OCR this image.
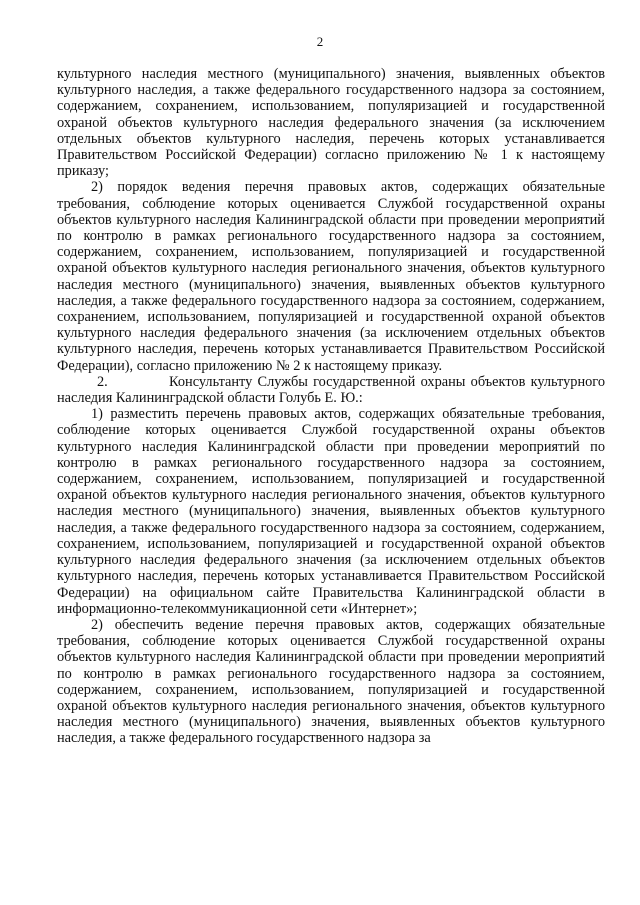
2

культурного наследия местного (муниципального) значения, выявленных объектов культурного наследия, а также федерального государственного надзора за состоянием, содержанием, сохранением, использованием, популяризацией и государственной охраной объектов культурного наследия федерального значения (за исключением отдельных объектов культурного наследия, перечень которых устанавливается Правительством Российской Федерации) согласно приложению № 1 к настоящему приказу;

2) порядок ведения перечня правовых актов, содержащих обязательные требования, соблюдение которых оценивается Службой государственной охраны объектов культурного наследия Калининградской области при проведении мероприятий по контролю в рамках регионального государственного надзора за состоянием, содержанием, сохранением, использованием, популяризацией и государственной охраной объектов культурного наследия регионального значения, объектов культурного наследия местного (муниципального) значения, выявленных объектов культурного наследия, а также федерального государственного надзора за состоянием, содержанием, сохранением, использованием, популяризацией и государственной охраной объектов культурного наследия федерального значения (за исключением отдельных объектов культурного наследия, перечень которых устанавливается Правительством Российской Федерации), согласно приложению № 2 к настоящему приказу.

2.	Консультанту Службы государственной охраны объектов культурного наследия Калининградской области Голубь Е. Ю.:

1) разместить перечень правовых актов, содержащих обязательные требования, соблюдение которых оценивается Службой государственной охраны объектов культурного наследия Калининградской области при проведении мероприятий по контролю в рамках регионального государственного надзора за состоянием, содержанием, сохранением, использованием, популяризацией и государственной охраной объектов культурного наследия регионального значения, объектов культурного наследия местного (муниципального) значения, выявленных объектов культурного наследия, а также федерального государственного надзора за состоянием, содержанием, сохранением, использованием, популяризацией и государственной охраной объектов культурного наследия федерального значения (за исключением отдельных объектов культурного наследия, перечень которых устанавливается Правительством Российской Федерации) на официальном сайте Правительства Калининградской области в информационно-телекоммуникационной сети «Интернет»;

2) обеспечить ведение перечня правовых актов, содержащих обязательные требования, соблюдение которых оценивается Службой государственной охраны объектов культурного наследия Калининградской области при проведении мероприятий по контролю в рамках регионального государственного надзора за состоянием, содержанием, сохранением, использованием, популяризацией и государственной охраной объектов культурного наследия регионального значения, объектов культурного наследия местного (муниципального) значения, выявленных объектов культурного наследия, а также федерального государственного надзора за
